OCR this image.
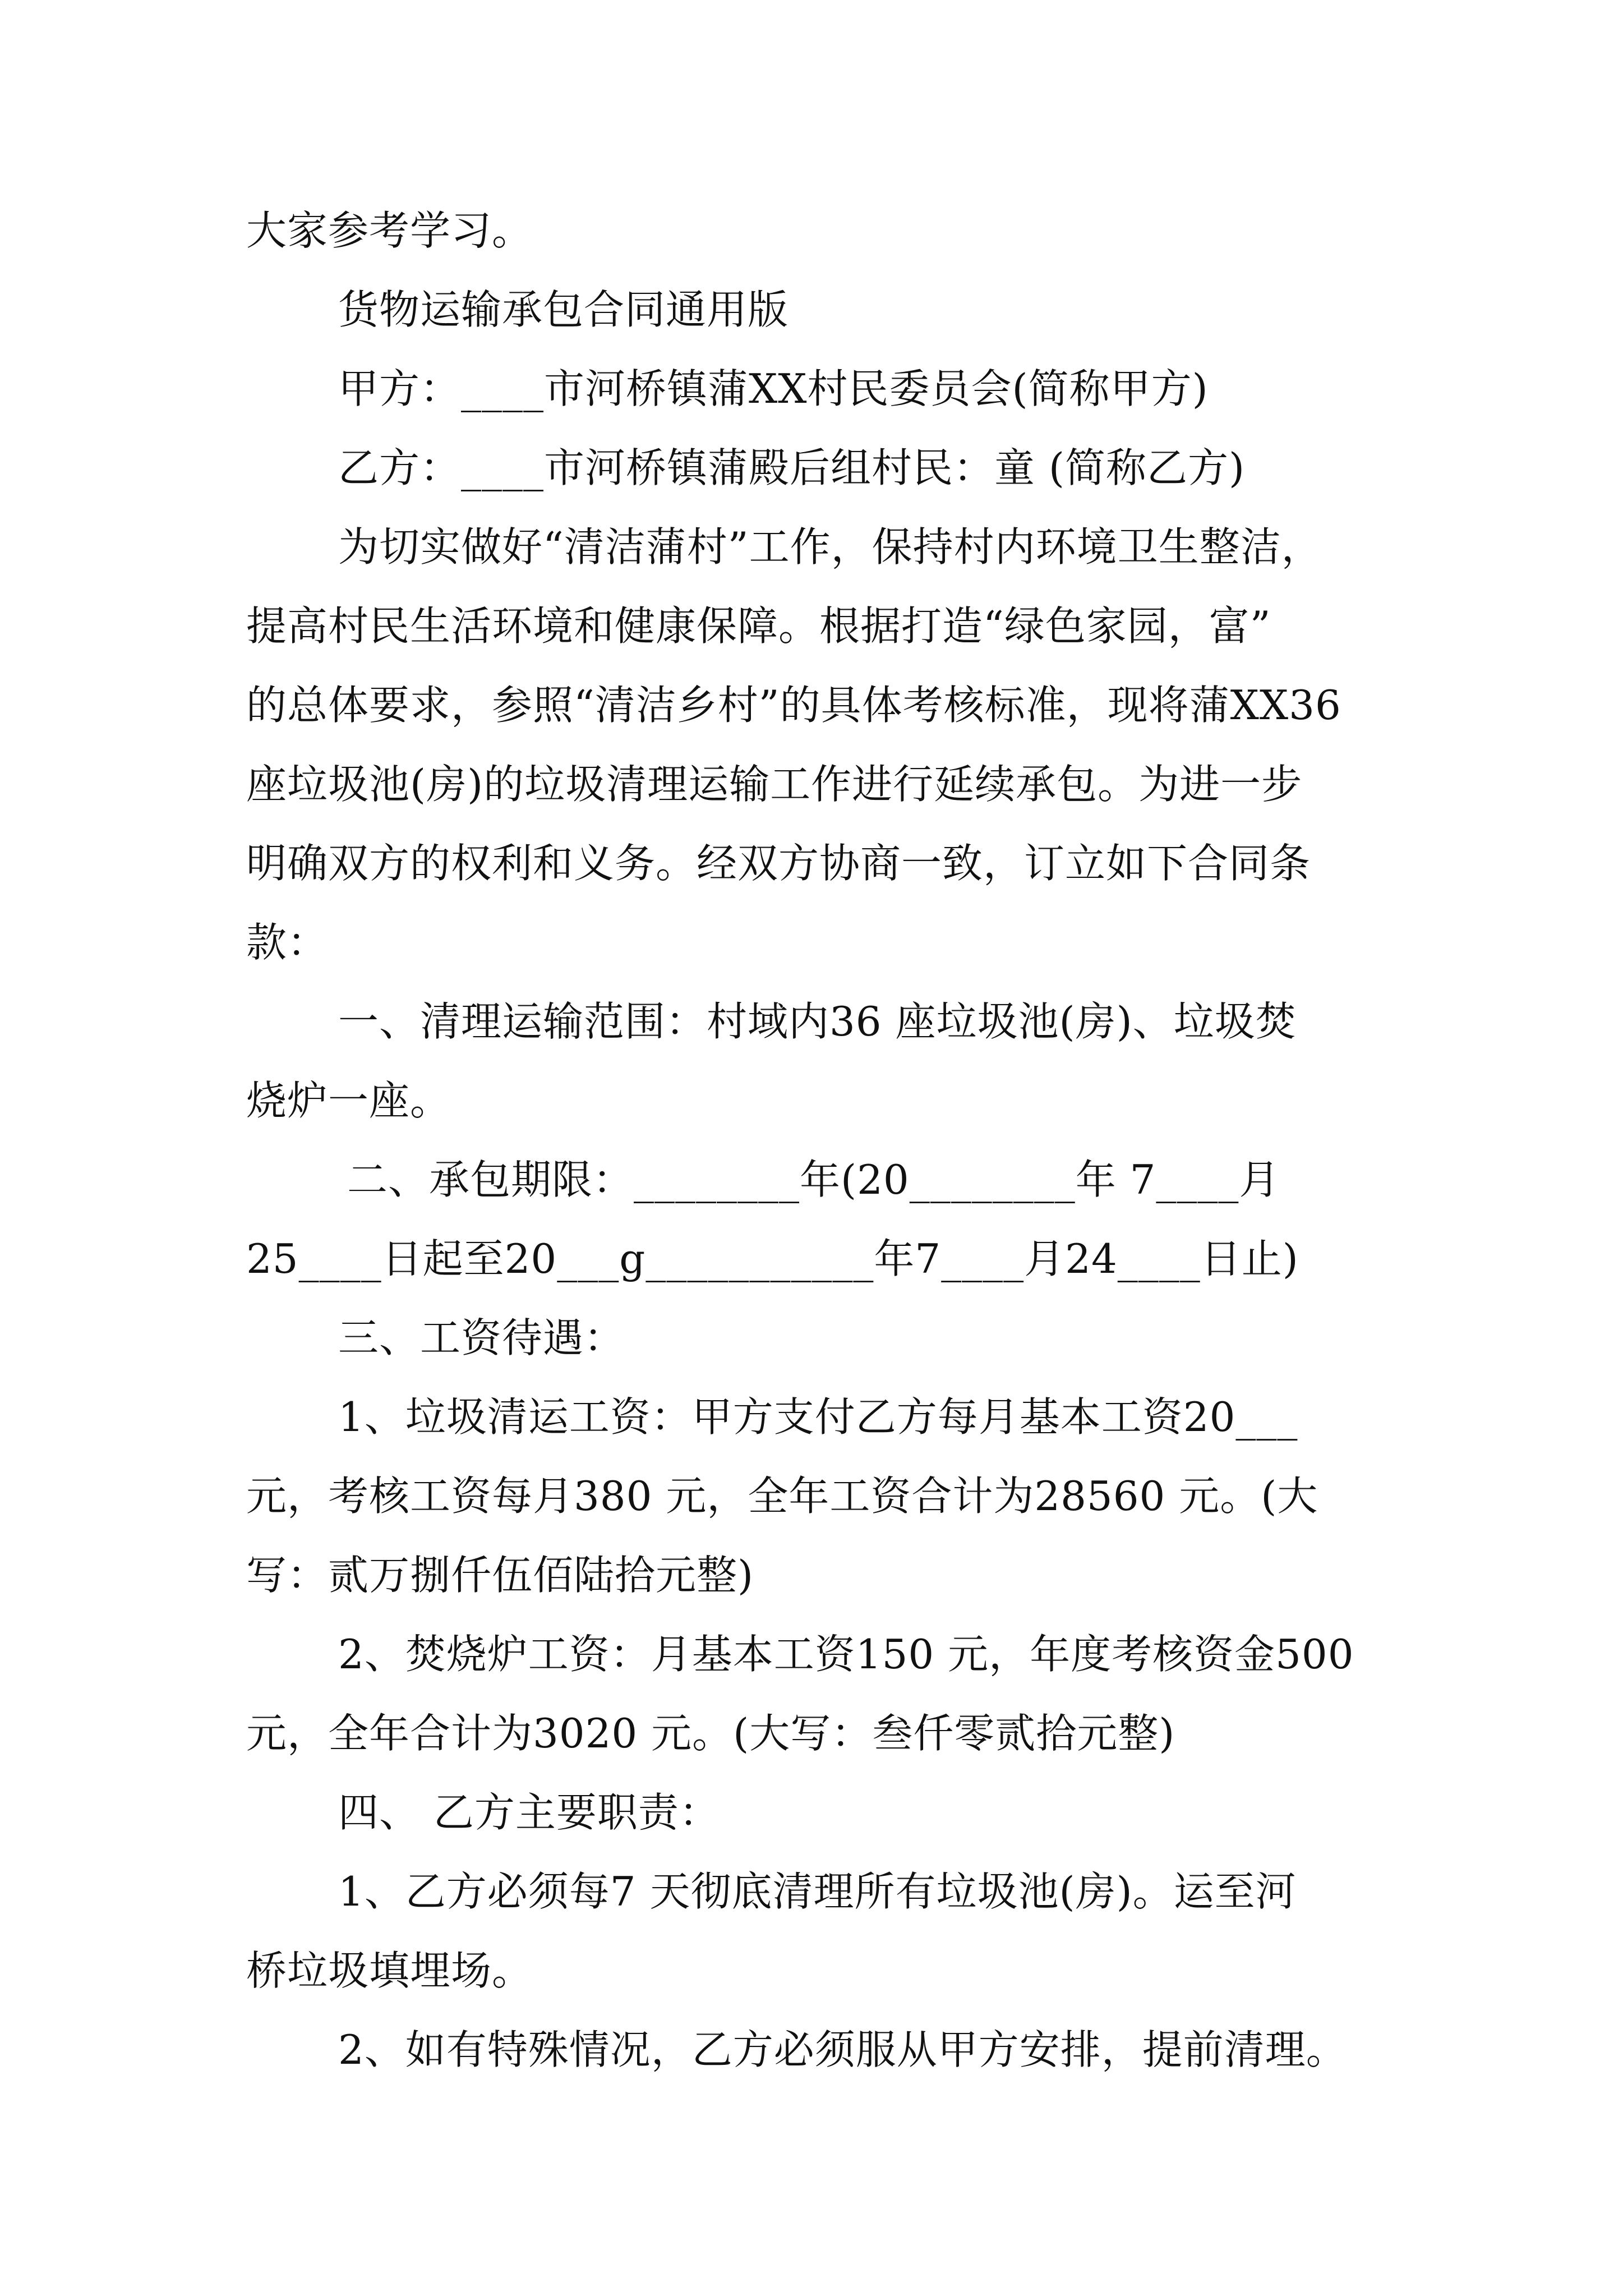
大家参考学习。
货物运输承包合同通用版
甲方：____市河桥镇蒲XX村民委员会(简称甲方)
乙方：____市河桥镇蒲殿后组村民：童 (简称乙方)
为切实做好“清洁蒲村”工作，保持村内环境卫生整洁，
提高村民生活环境和健康保障。根据打造“绿色家园，富”
的总体要求，参照“清洁乡村”的具体考核标准，现将蒲XX36
座垃圾池(房)的垃圾清理运输工作进行延续承包。为进一步
明确双方的权利和义务。经双方协商一致，订立如下合同条
款：
一、清理运输范围：村域内36 座垃圾池(房)、垃圾焚
烧炉一座。
二、承包期限：________年(20________年 7____月
25____日起至20___g___________年7____月24____日止)
三、工资待遇：
1、垃圾清运工资：甲方支付乙方每月基本工资20___
元，考核工资每月380 元，全年工资合计为28560 元。(大
写：贰万捌仟伍佰陆拾元整)
2、焚烧炉工资：月基本工资150 元，年度考核资金500
元，全年合计为3020 元。(大写：叁仟零贰拾元整)
四、 乙方主要职责：
1、乙方必须每7 天彻底清理所有垃圾池(房)。运至河
桥垃圾填埋场。
2、如有特殊情况，乙方必须服从甲方安排，提前清理。
